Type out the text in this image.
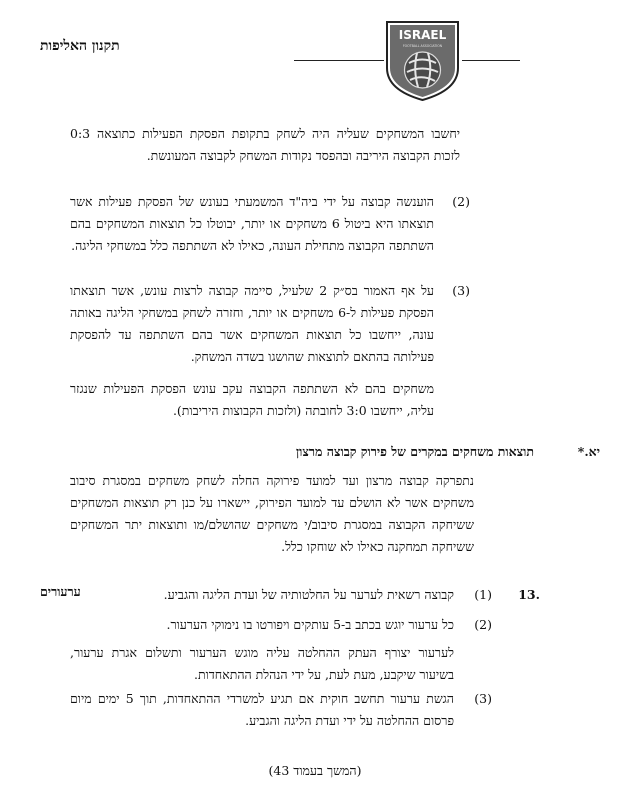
תקנון האליפות
ISRAEL
FOOTBALL ASSOCIATION
יחשבו המשחקים שעליה היה לשחק בתקופת הפסקת הפעילות כתוצאה 0:3 לזכות הקבוצה היריבה ובהפסד נקודות המשחק לקבוצה המעונשת.
(2)
הוענשה קבוצה על ידי ביה"ד המשמעתי בעונש של הפסקת פעילות אשר תוצאתו היא ביטול 6 משחקים או יותר, יבוטלו כל תוצאות המשחקים בהם השתתפה הקבוצה מתחילת העונה, כאילו לא השתתפה כלל במשחקי הליגה.
(3)
על אף האמור בס״ק 2 שלעיל, סיימה קבוצה לרצות עונש, אשר תוצאתו הפסקת פעילות ל-6 משחקים או יותר, וחזרה לשחק במשחקי הליגה באותה עונה, ייחשבו כל תוצאות המשחקים אשר בהם השתתפה עד להפסקת פעילותה בהתאם לתוצאות שהושגו בשדה המשחק.
משחקים בהם לא השתתפה הקבוצה עקב עונש הפסקת הפעילות שנגזר עליה, ייחשבו 3:0 לחובתה (ולזכות הקבוצות היריבות).
יא.*
תוצאות משחקים במקרים של פירוק קבוצה מרצון
נתפרקה קבוצה מרצון ועד למועד פירוקה החלה לשחק משחקים במסגרת סיבוב משחקים אשר לא הושלם עד למועד הפירוק, יישארו על כנן רק תוצאות המשחקים ששיחקה הקבוצה במסגרת סיבוב/י משחקים שהושלם/מו ותוצאות יתר המשחקים ששיחקה תמחקנה כאילו לא שוחקו כלל.
ערעורים	.13
(1)
קבוצה רשאית לערער על החלטותיה של ועדת הליגה והגביע.
(2)
כל ערעור יוגש בכתב ב-5 עותקים ויפורטו בו נימוקי הערעור.
לערעור יצורף העתק ההחלטה עליה מוגש הערעור ותשלום אגרת ערעור, בשיעור שיקבע, מעת לעת, על ידי הנהלת ההתאחדות.
(3)
הגשת ערעור תחשב חוקית אם תגיע למשרדי ההתאחדות, תוך 5 ימים מיום פרסום ההחלטה על ידי ועדת הליגה והגביע.
(המשך בעמוד 43)
